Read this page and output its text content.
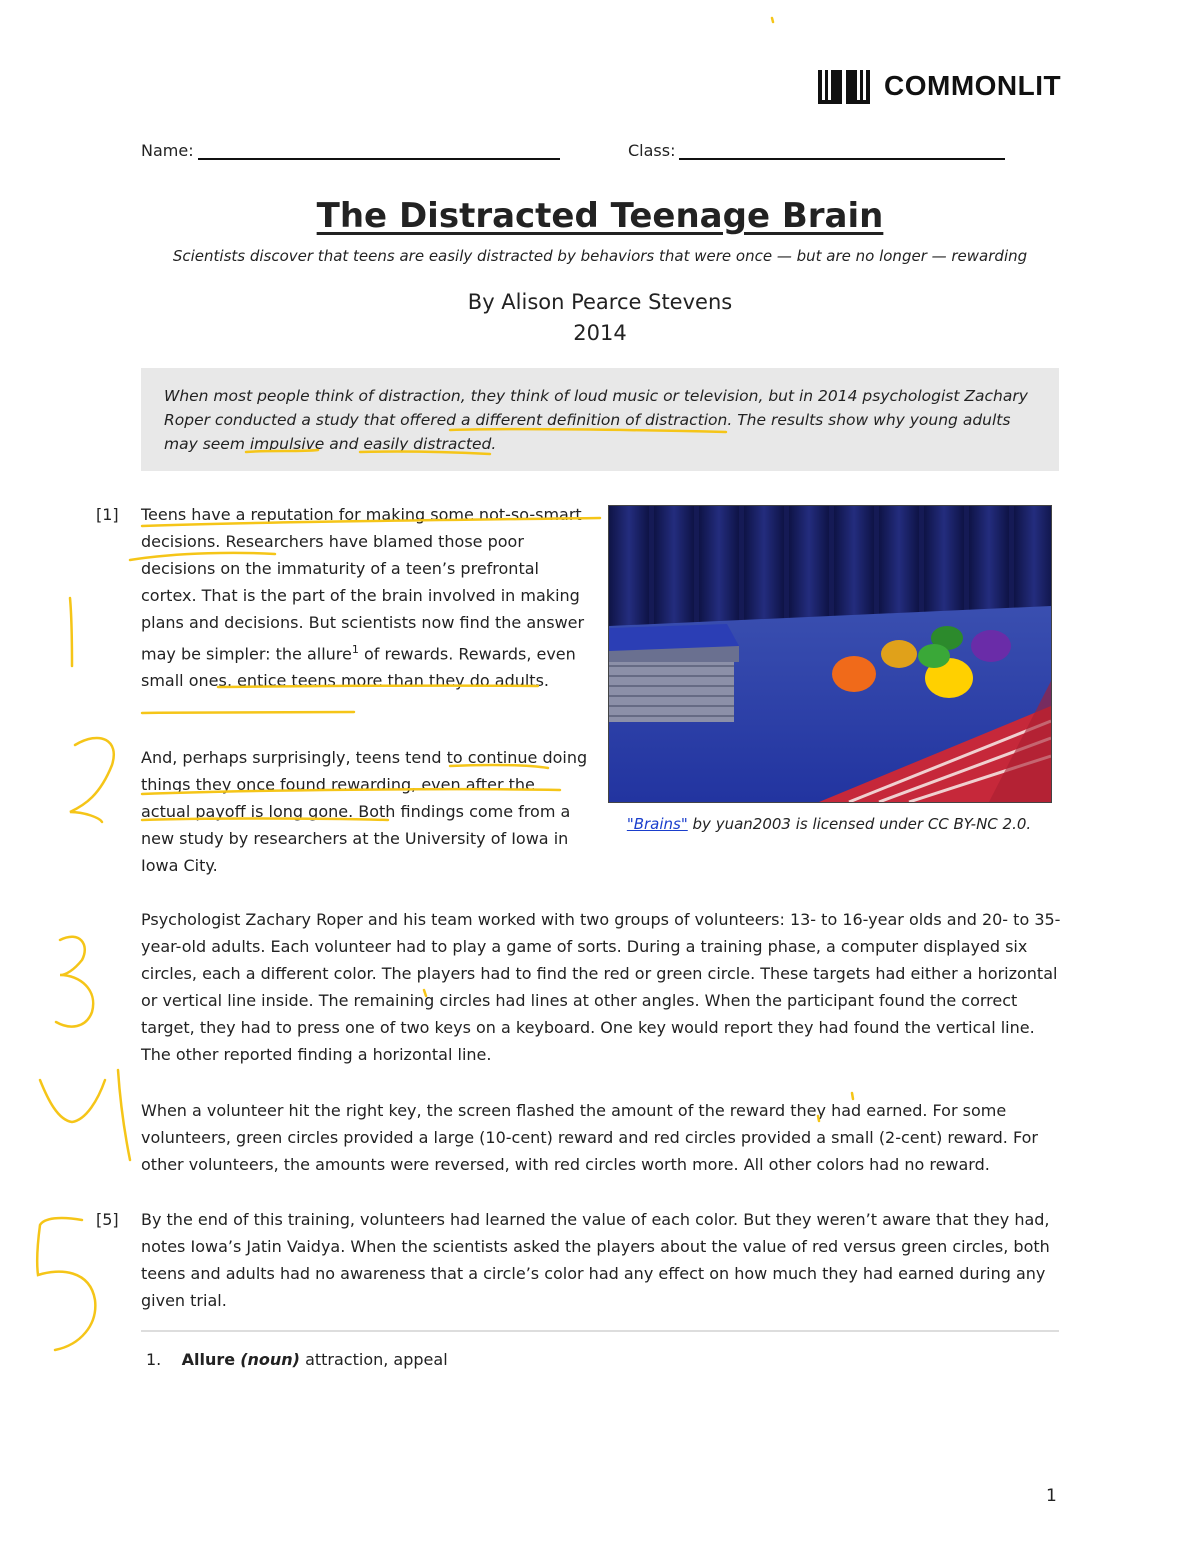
COMMONLIT
Name:	Class:
The Distracted Teenage Brain
Scientists discover that teens are easily distracted by behaviors that were once — but are no longer — rewarding
By Alison Pearce Stevens
2014
When most people think of distraction, they think of loud music or television, but in 2014 psychologist Zachary Roper conducted a study that offered a different definition of distraction. The results show why young adults may seem impulsive and easily distracted.
[1] Teens have a reputation for making some not-so-smart decisions. Researchers have blamed those poor decisions on the immaturity of a teen’s prefrontal cortex. That is the part of the brain involved in making plans and decisions. But scientists now find the answer may be simpler: the allure$^1$ of rewards. Rewards, even small ones, entice teens more than they do adults.
And, perhaps surprisingly, teens tend to continue doing things they once found rewarding, even after the actual payoff is long gone. Both findings come from a new study by researchers at the University of Iowa in Iowa City.
"Brains" by yuan2003 is licensed under CC BY-NC 2.0.
Psychologist Zachary Roper and his team worked with two groups of volunteers: 13- to 16-year olds and 20- to 35-year-old adults. Each volunteer had to play a game of sorts. During a training phase, a computer displayed six circles, each a different color. The players had to find the red or green circle. These targets had either a horizontal or vertical line inside. The remaining circles had lines at other angles. When the participant found the correct target, they had to press one of two keys on a keyboard. One key would report they had found the vertical line. The other reported finding a horizontal line.
When a volunteer hit the right key, the screen flashed the amount of the reward they had earned. For some volunteers, green circles provided a large (10-cent) reward and red circles provided a small (2-cent) reward. For other volunteers, the amounts were reversed, with red circles worth more. All other colors had no reward.
[5] By the end of this training, volunteers had learned the value of each color. But they weren’t aware that they had, notes Iowa’s Jatin Vaidya. When the scientists asked the players about the value of red versus green circles, both teens and adults had no awareness that a circle’s color had any effect on how much they had earned during any given trial.
1. Allure (noun) attraction, appeal
1
